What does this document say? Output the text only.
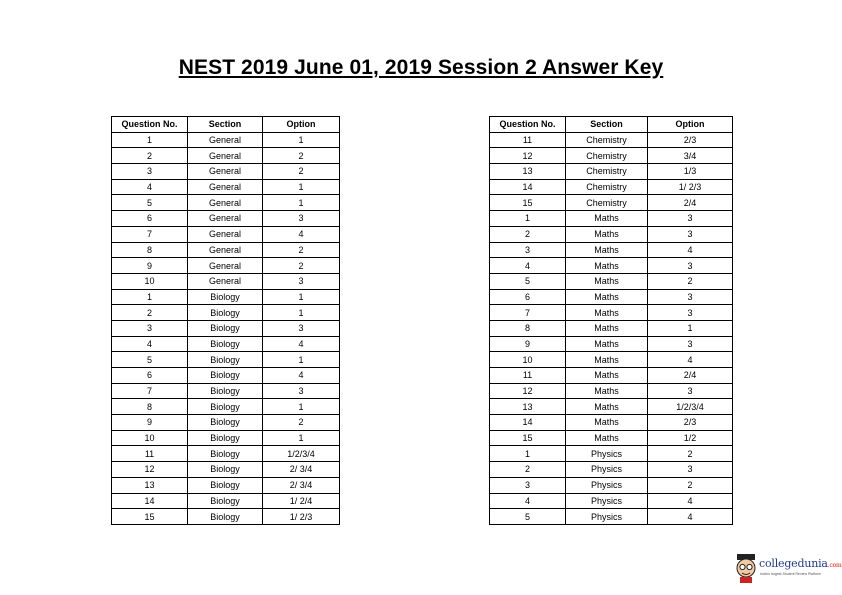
NEST 2019 June 01, 2019 Session 2 Answer Key
Question No.	Section	Option
1	General	1
2	General	2
3	General	2
4	General	1
5	General	1
6	General	3
7	General	4
8	General	2
9	General	2
10	General	3
1	Biology	1
2	Biology	1
3	Biology	3
4	Biology	4
5	Biology	1
6	Biology	4
7	Biology	3
8	Biology	1
9	Biology	2
10	Biology	1
11	Biology	1/2/3/4
12	Biology	2/ 3/4
13	Biology	2/ 3/4
14	Biology	1/ 2/4
15	Biology	1/ 2/3
Question No.	Section	Option
11	Chemistry	2/3
12	Chemistry	3/4
13	Chemistry	1/3
14	Chemistry	1/ 2/3
15	Chemistry	2/4
1	Maths	3
2	Maths	3
3	Maths	4
4	Maths	3
5	Maths	2
6	Maths	3
7	Maths	3
8	Maths	1
9	Maths	3
10	Maths	4
11	Maths	2/4
12	Maths	3
13	Maths	1/2/3/4
14	Maths	2/3
15	Maths	1/2
1	Physics	2
2	Physics	3
3	Physics	2
4	Physics	4
5	Physics	4
collegedunia.com
India's largest Student Review Platform
